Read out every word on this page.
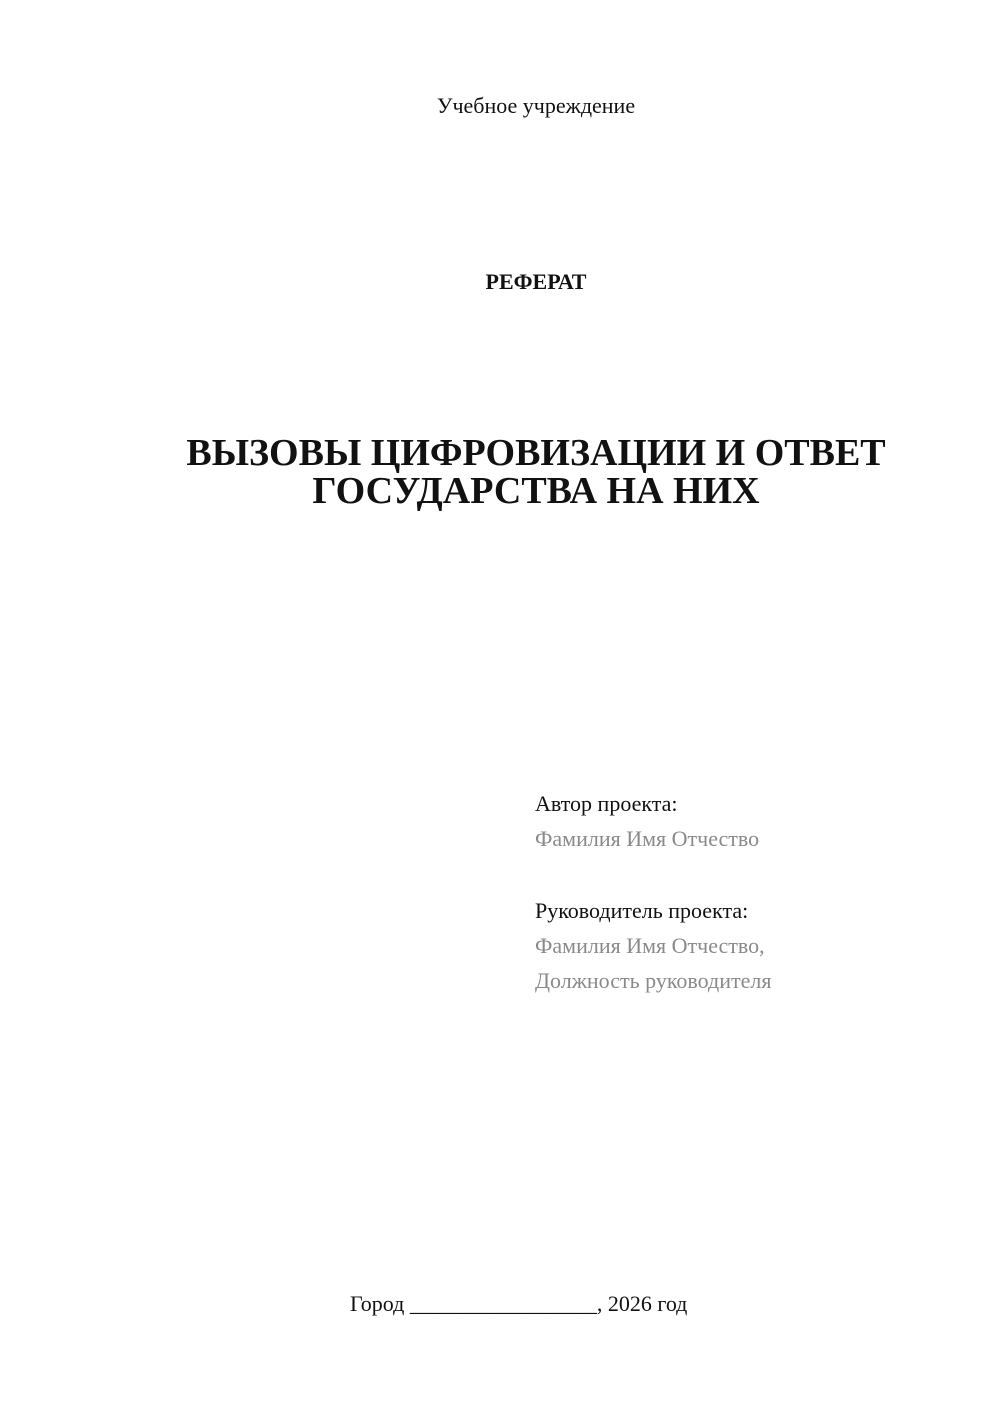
Учебное учреждение
РЕФЕРАТ
ВЫЗОВЫ ЦИФРОВИЗАЦИИ И ОТВЕТ
ГОСУДАРСТВА НА НИХ
Автор проекта:
Фамилия Имя Отчество
Руководитель проекта:
Фамилия Имя Отчество,
Должность руководителя
Город _________________, 2026 год
